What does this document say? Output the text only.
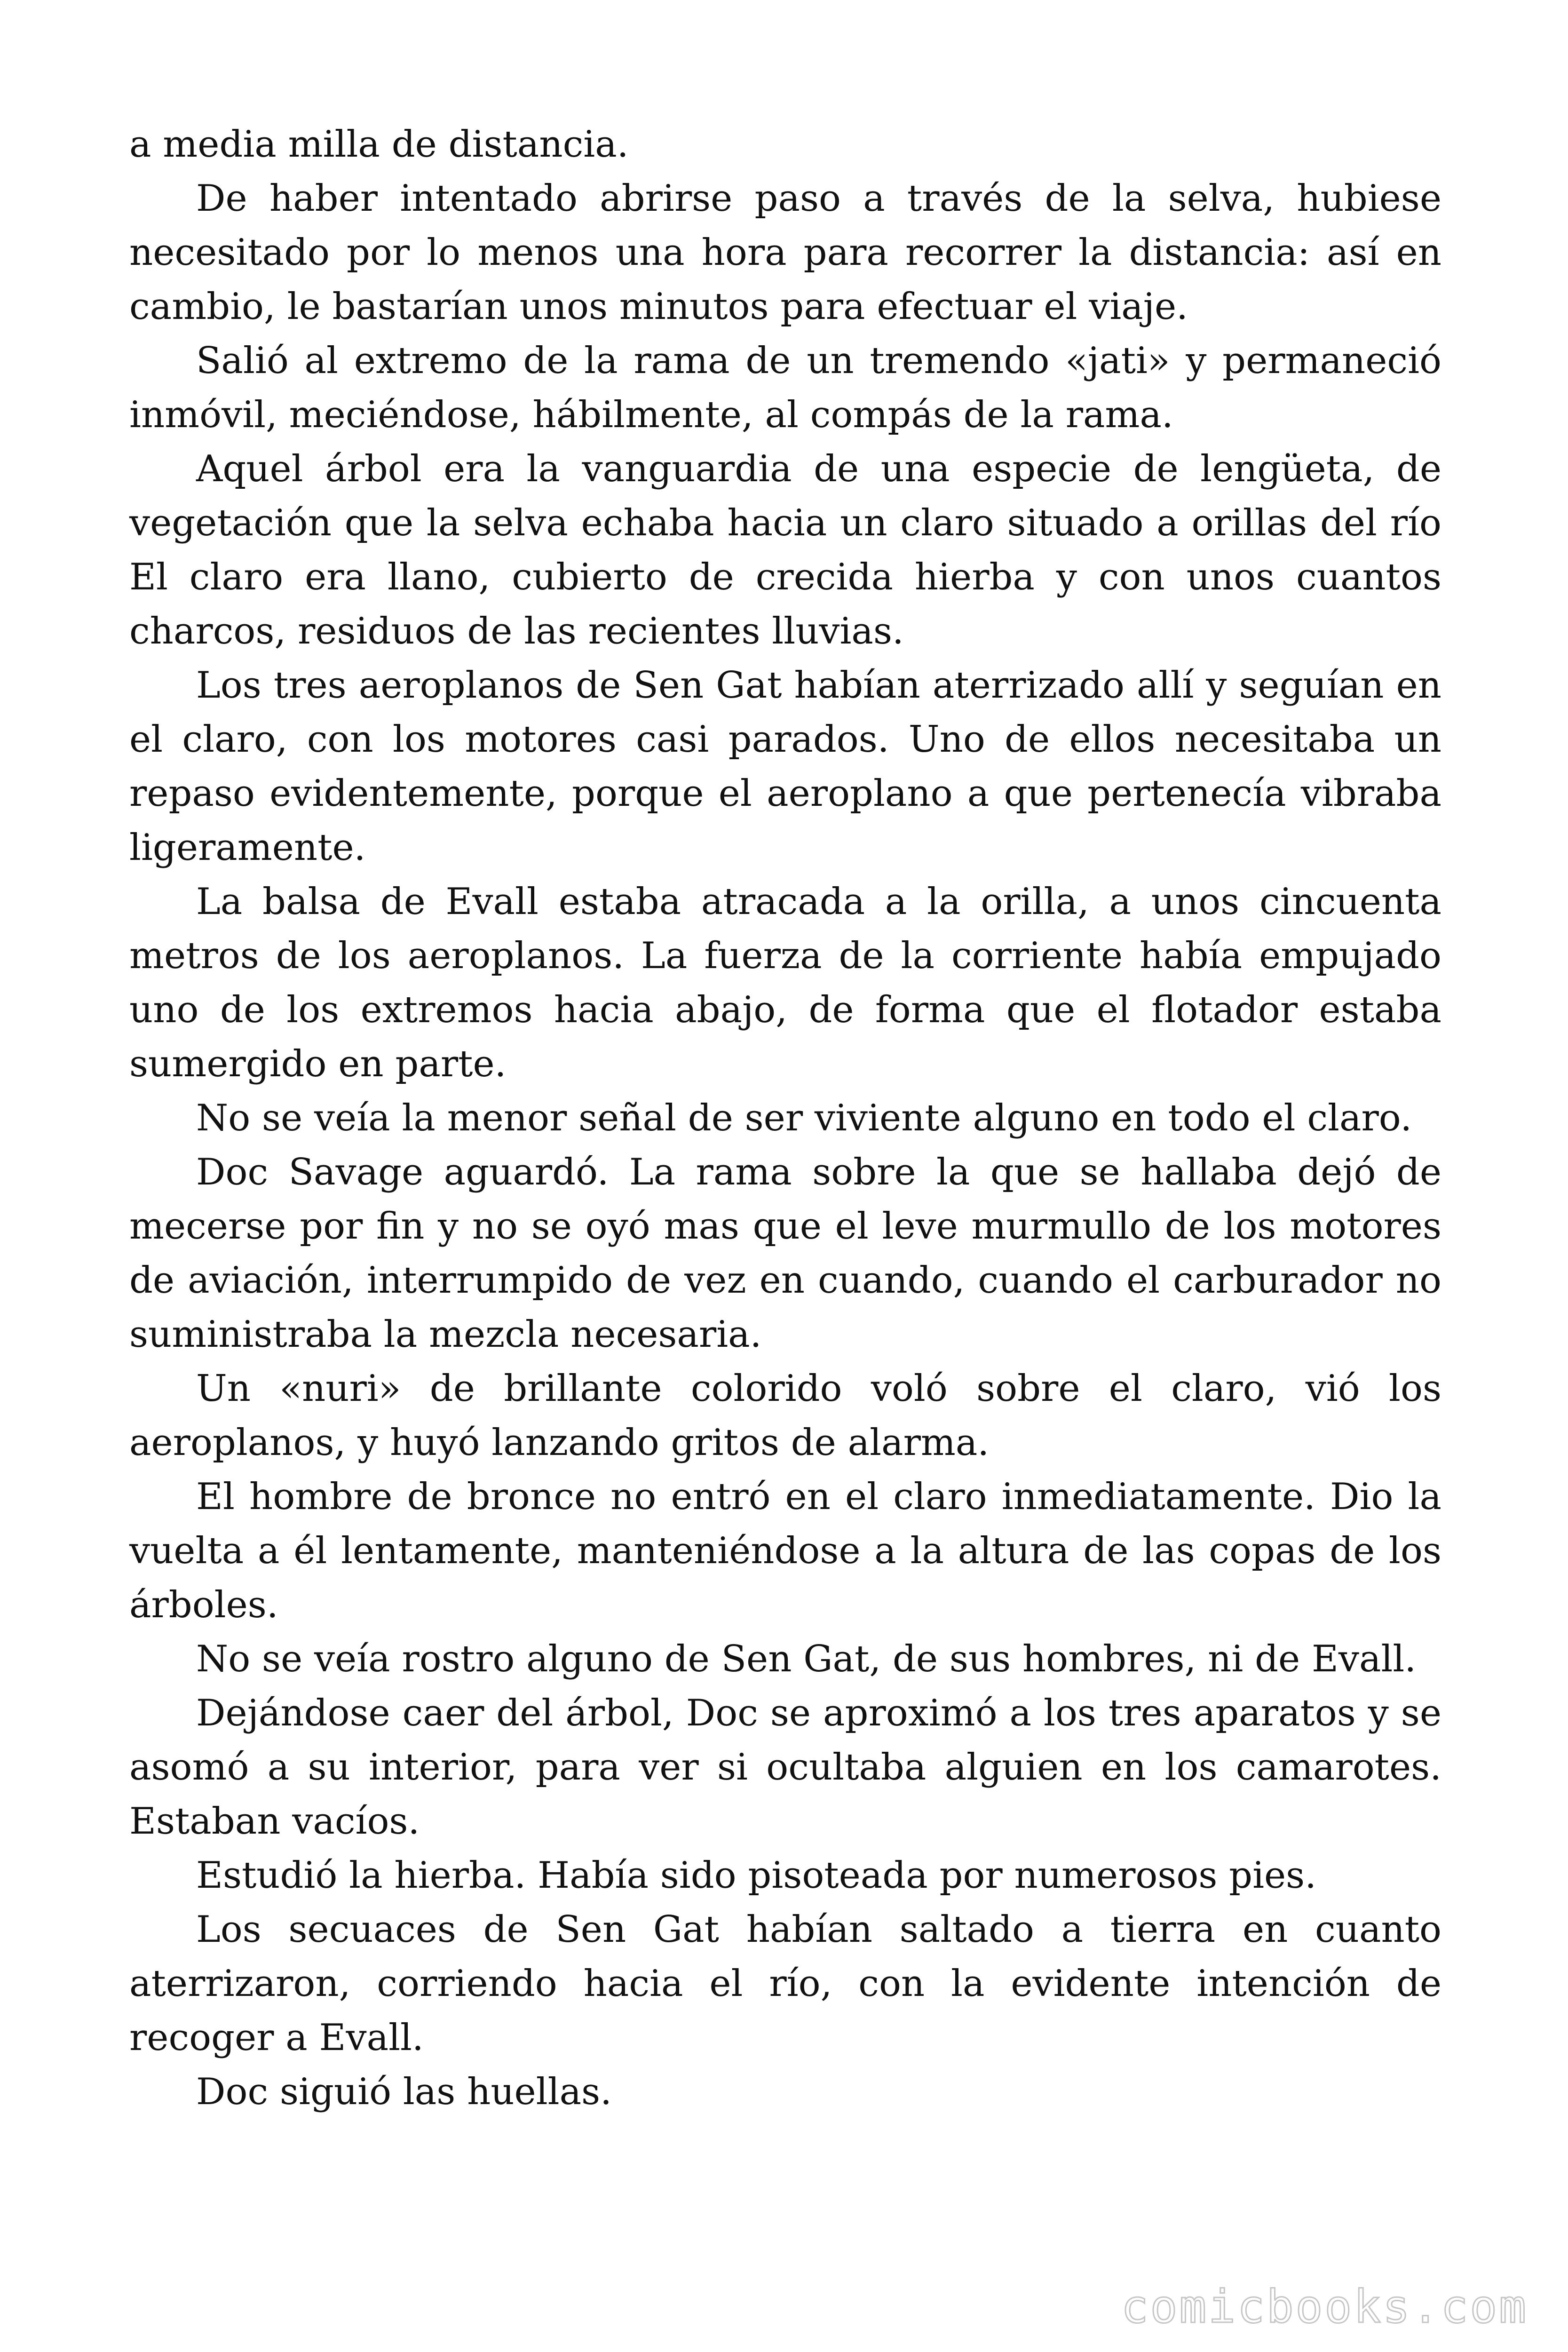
a media milla de distancia.

De haber intentado abrirse paso a través de la selva, hubiese necesitado por lo menos una hora para recorrer la distancia: así en cambio, le bastarían unos minutos para efectuar el viaje.

Salió al extremo de la rama de un tremendo «jati» y permaneció inmóvil, meciéndose, hábilmente, al compás de la rama.

Aquel árbol era la vanguardia de una especie de lengüeta, de vegetación que la selva echaba hacia un claro situado a orillas del río El claro era llano, cubierto de crecida hierba y con unos cuantos charcos, residuos de las recientes lluvias.

Los tres aeroplanos de Sen Gat habían aterrizado allí y seguían en el claro, con los motores casi parados. Uno de ellos necesitaba un repaso evidentemente, porque el aeroplano a que pertenecía vibraba ligeramente.

La balsa de Evall estaba atracada a la orilla, a unos cincuenta metros de los aeroplanos. La fuerza de la corriente había empujado uno de los extremos hacia abajo, de forma que el flotador estaba sumergido en parte.

No se veía la menor señal de ser viviente alguno en todo el claro.

Doc Savage aguardó. La rama sobre la que se hallaba dejó de mecerse por fin y no se oyó mas que el leve murmullo de los motores de aviación, interrumpido de vez en cuando, cuando el carburador no suministraba la mezcla necesaria.

Un «nuri» de brillante colorido voló sobre el claro, vió los aeroplanos, y huyó lanzando gritos de alarma.

El hombre de bronce no entró en el claro inmediatamente. Dio la vuelta a él lentamente, manteniéndose a la altura de las copas de los árboles.

No se veía rostro alguno de Sen Gat, de sus hombres, ni de Evall.

Dejándose caer del árbol, Doc se aproximó a los tres aparatos y se asomó a su interior, para ver si ocultaba alguien en los camarotes. Estaban vacíos.

Estudió la hierba. Había sido pisoteada por numerosos pies.

Los secuaces de Sen Gat habían saltado a tierra en cuanto aterrizaron, corriendo hacia el río, con la evidente intención de recoger a Evall.

Doc siguió las huellas.

comicbooks.com
